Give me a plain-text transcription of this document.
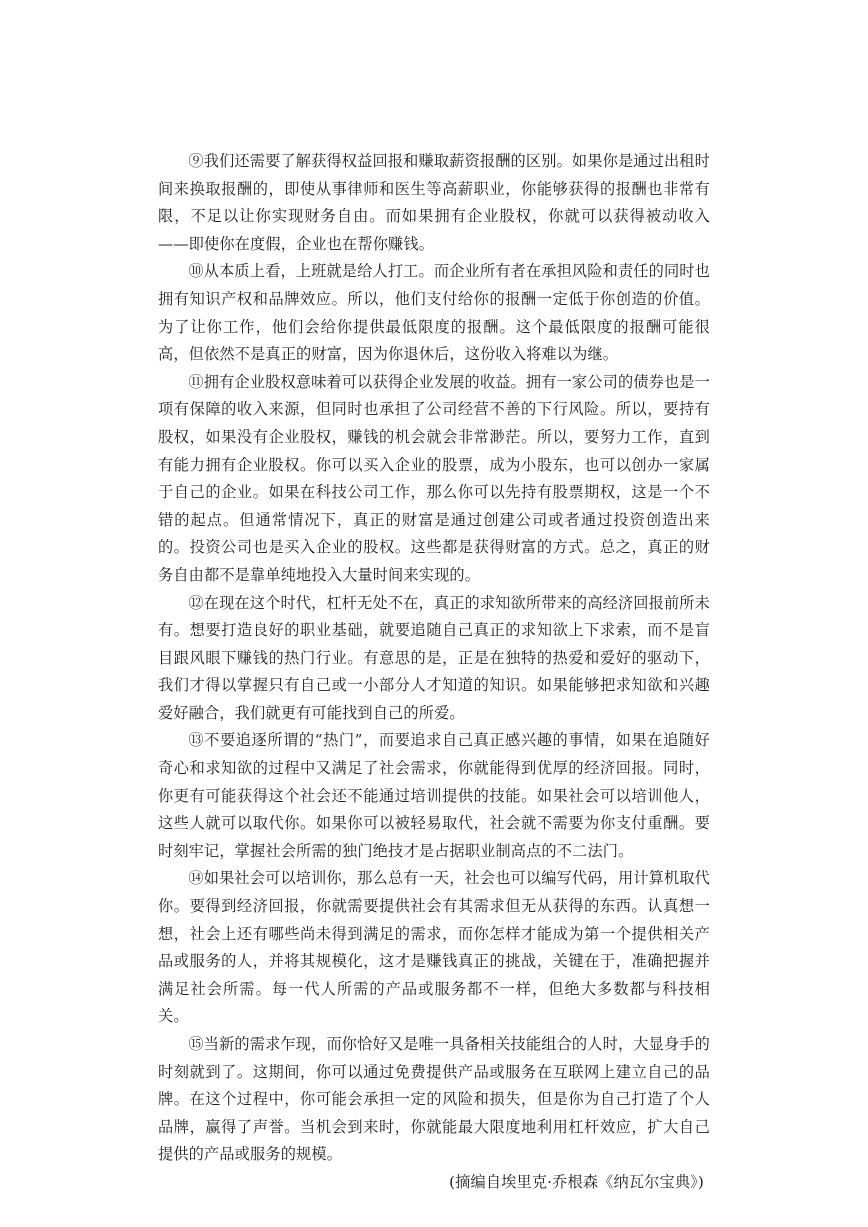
⑨我们还需要了解获得权益回报和赚取薪资报酬的区别。如果你是通过出租时间来换取报酬的，即使从事律师和医生等高薪职业，你能够获得的报酬也非常有限，不足以让你实现财务自由。而如果拥有企业股权，你就可以获得被动收入——即使你在度假，企业也在帮你赚钱。

⑩从本质上看，上班就是给人打工。而企业所有者在承担风险和责任的同时也拥有知识产权和品牌效应。所以，他们支付给你的报酬一定低于你创造的价值。为了让你工作，他们会给你提供最低限度的报酬。这个最低限度的报酬可能很高，但依然不是真正的财富，因为你退休后，这份收入将难以为继。

⑪拥有企业股权意味着可以获得企业发展的收益。拥有一家公司的债券也是一项有保障的收入来源，但同时也承担了公司经营不善的下行风险。所以，要持有股权，如果没有企业股权，赚钱的机会就会非常渺茫。所以，要努力工作，直到有能力拥有企业股权。你可以买入企业的股票，成为小股东，也可以创办一家属于自己的企业。如果在科技公司工作，那么你可以先持有股票期权，这是一个不错的起点。但通常情况下，真正的财富是通过创建公司或者通过投资创造出来的。投资公司也是买入企业的股权。这些都是获得财富的方式。总之，真正的财务自由都不是靠单纯地投入大量时间来实现的。

⑫在现在这个时代，杠杆无处不在，真正的求知欲所带来的高经济回报前所未有。想要打造良好的职业基础，就要追随自己真正的求知欲上下求索，而不是盲目跟风眼下赚钱的热门行业。有意思的是，正是在独特的热爱和爱好的驱动下，我们才得以掌握只有自己或一小部分人才知道的知识。如果能够把求知欲和兴趣爱好融合，我们就更有可能找到自己的所爱。

⑬不要追逐所谓的“热门”，而要追求自己真正感兴趣的事情，如果在追随好奇心和求知欲的过程中又满足了社会需求，你就能得到优厚的经济回报。同时，你更有可能获得这个社会还不能通过培训提供的技能。如果社会可以培训他人，这些人就可以取代你。如果你可以被轻易取代，社会就不需要为你支付重酬。要时刻牢记，掌握社会所需的独门绝技才是占据职业制高点的不二法门。

⑭如果社会可以培训你，那么总有一天，社会也可以编写代码，用计算机取代你。要得到经济回报，你就需要提供社会有其需求但无从获得的东西。认真想一想，社会上还有哪些尚未得到满足的需求，而你怎样才能成为第一个提供相关产品或服务的人，并将其规模化，这才是赚钱真正的挑战，关键在于，准确把握并满足社会所需。每一代人所需的产品或服务都不一样，但绝大多数都与科技相关。

⑮当新的需求乍现，而你恰好又是唯一具备相关技能组合的人时，大显身手的时刻就到了。这期间，你可以通过免费提供产品或服务在互联网上建立自己的品牌。在这个过程中，你可能会承担一定的风险和损失，但是你为自己打造了个人品牌，赢得了声誉。当机会到来时，你就能最大限度地利用杠杆效应，扩大自己提供的产品或服务的规模。

(摘编自埃里克·乔根森《纳瓦尔宝典》)
